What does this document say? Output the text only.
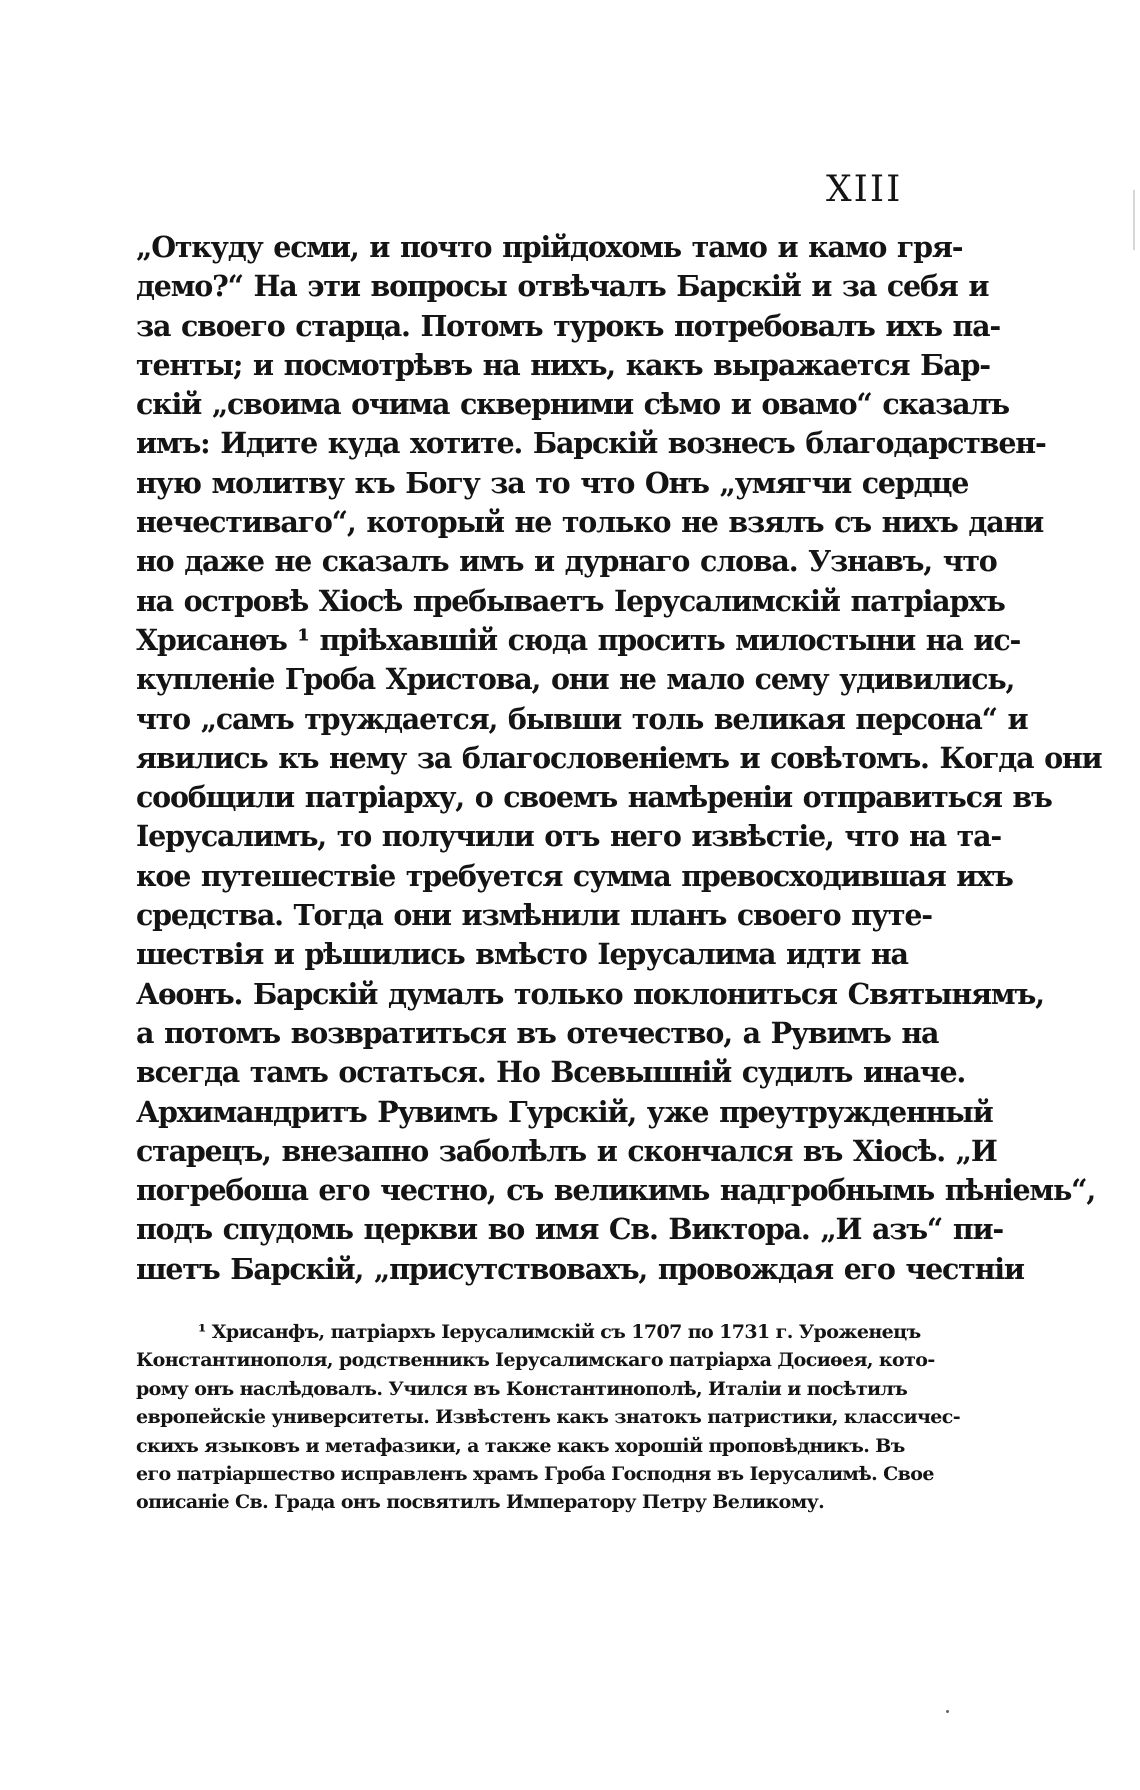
XIII
„Откуду есми, и почто прійдохомь тамо и камо гря-
демо?“ На эти вопросы отвѣчалъ Барскій и за себя и
за своего старца. Потомъ турокъ потребовалъ ихъ па-
тенты; и посмотрѣвъ на нихъ, какъ выражается Бар-
скій „своима очима скверними сѣмо и овамо“ сказалъ
имъ: Идите куда хотите. Барскій вознесъ благодарствен-
ную молитву къ Богу за то что Онъ „умягчи сердце
нечестиваго“, который не только не взялъ съ нихъ дани
но даже не сказалъ имъ и дурнаго слова. Узнавъ, что
на островѣ Хіосѣ пребываетъ Іерусалимскій патріархъ
Хрисанѳъ ¹ пріѣхавшій сюда просить милостыни на ис-
купленіе Гроба Христова, они не мало сему удивились,
что „самъ труждается, бывши толь великая персона“ и
явились къ нему за благословеніемъ и совѣтомъ. Когда они
сообщили патріарху, о своемъ намѣреніи отправиться въ
Іерусалимъ, то получили отъ него извѣстіе, что на та-
кое путешествіе требуется сумма превосходившая ихъ
средства. Тогда они измѣнили планъ своего путе-
шествія и рѣшились вмѣсто Іерусалима идти на
Аѳонъ. Барскій думалъ только поклониться Святынямъ,
а потомъ возвратиться въ отечество, а Рувимъ на
всегда тамъ остаться. Но Всевышній судилъ иначе.
Архимандритъ Рувимъ Гурскій, уже преутружденный
старецъ, внезапно заболѣлъ и скончался въ Хіосѣ. „И
погребоша его честно, съ великимь надгробнымь пѣніемь“,
подъ спудомь церкви во имя Св. Виктора. „И азъ“ пи-
шетъ Барскій, „присутствовахъ, провождая его честніи
¹ Хрисанфъ, патріархъ Іерусалимскій съ 1707 по 1731 г. Уроженецъ
Константинополя, родственникъ Іерусалимскаго патріарха Досиѳея, кото-
рому онъ наслѣдовалъ. Учился въ Константинополѣ, Италіи и посѣтилъ
европейскіе университеты. Извѣстенъ какъ знатокъ патристики, классичес-
скихъ языковъ и метафазики, а также какъ хорошій проповѣдникъ. Въ
его патріаршество исправленъ храмъ Гроба Господня въ Іерусалимѣ. Свое
описаніе Св. Града онъ посвятилъ Императору Петру Великому.
